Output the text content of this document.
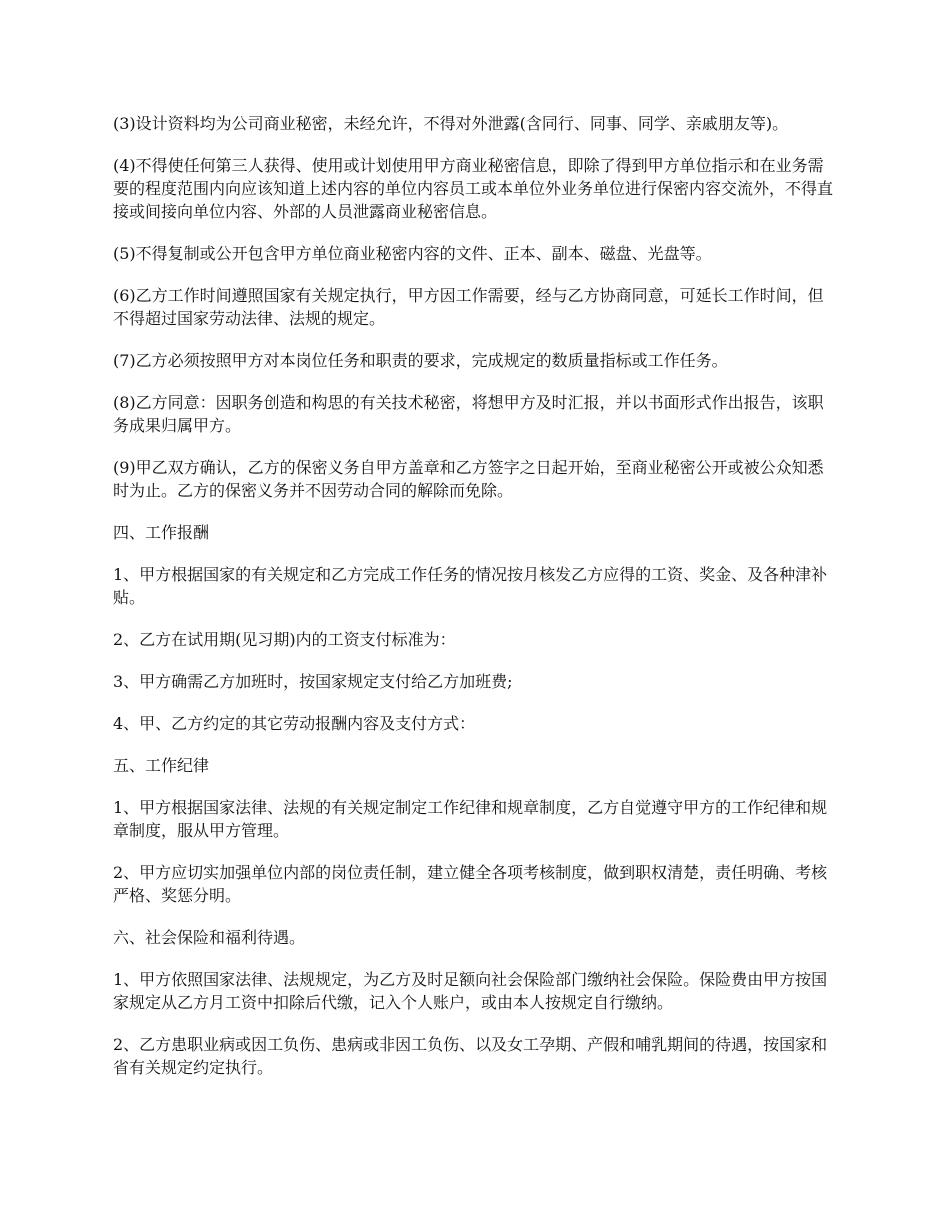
(3)设计资料均为公司商业秘密，未经允许，不得对外泄露(含同行、同事、同学、亲戚朋友等)。

(4)不得使任何第三人获得、使用或计划使用甲方商业秘密信息，即除了得到甲方单位指示和在业务需要的程度范围内向应该知道上述内容的单位内容员工或本单位外业务单位进行保密内容交流外，不得直接或间接向单位内容、外部的人员泄露商业秘密信息。

(5)不得复制或公开包含甲方单位商业秘密内容的文件、正本、副本、磁盘、光盘等。

(6)乙方工作时间遵照国家有关规定执行，甲方因工作需要，经与乙方协商同意，可延长工作时间，但不得超过国家劳动法律、法规的规定。

(7)乙方必须按照甲方对本岗位任务和职责的要求，完成规定的数质量指标或工作任务。

(8)乙方同意：因职务创造和构思的有关技术秘密，将想甲方及时汇报，并以书面形式作出报告，该职务成果归属甲方。

(9)甲乙双方确认，乙方的保密义务自甲方盖章和乙方签字之日起开始，至商业秘密公开或被公众知悉时为止。乙方的保密义务并不因劳动合同的解除而免除。

四、工作报酬

1、甲方根据国家的有关规定和乙方完成工作任务的情况按月核发乙方应得的工资、奖金、及各种津补贴。

2、乙方在试用期(见习期)内的工资支付标准为：

3、甲方确需乙方加班时，按国家规定支付给乙方加班费;

4、甲、乙方约定的其它劳动报酬内容及支付方式：

五、工作纪律

1、甲方根据国家法律、法规的有关规定制定工作纪律和规章制度，乙方自觉遵守甲方的工作纪律和规章制度，服从甲方管理。

2、甲方应切实加强单位内部的岗位责任制，建立健全各项考核制度，做到职权清楚，责任明确、考核严格、奖惩分明。

六、社会保险和福利待遇。

1、甲方依照国家法律、法规规定，为乙方及时足额向社会保险部门缴纳社会保险。保险费由甲方按国家规定从乙方月工资中扣除后代缴，记入个人账户，或由本人按规定自行缴纳。

2、乙方患职业病或因工负伤、患病或非因工负伤、以及女工孕期、产假和哺乳期间的待遇，按国家和省有关规定约定执行。
